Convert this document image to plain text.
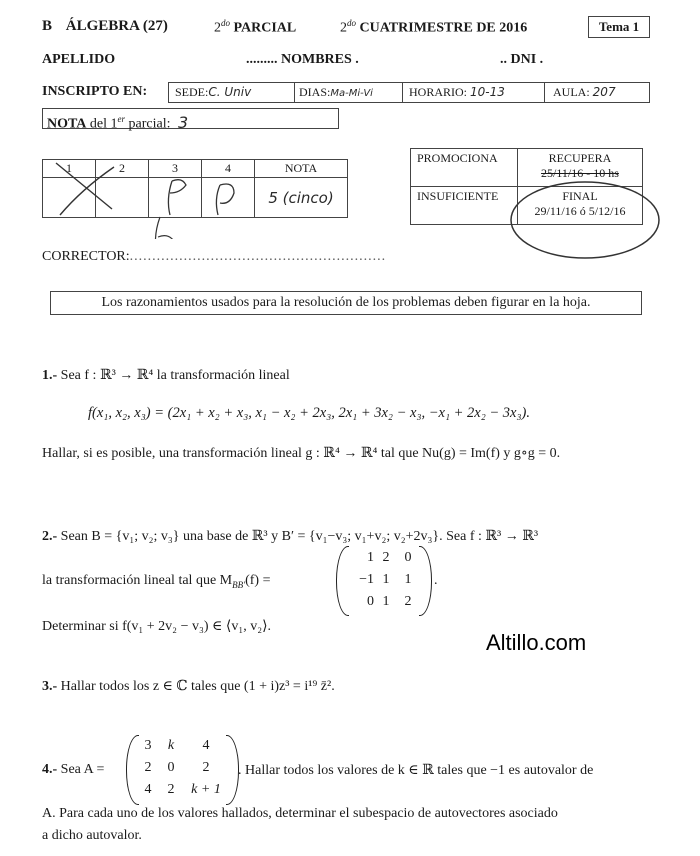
B ÁLGEBRA (27)	$2^{do}$ PARCIAL	$2^{do}$ CUATRIMESTRE DE 2016	Tema 1
APELLIDO	......... NOMBRES .	.. DNI .
INSCRIPTO EN:	SEDE:C. Univ	DIAS:Ma-Mi-Vi	HORARIO: 10-13	AULA: 207
NOTA del 1er parcial: 3
1	2	3	4	NOTA
				5 (cinco)
PROMOCIONA	RECUPERA
25/11/16 - 10 hs

INSUFICIENTE	FINAL
29/11/16 ó 5/12/16
CORRECTOR:.........................................................
Los razonamientos usados para la resolución de los problemas deben figurar en la hoja.
1.- Sea f : ℝ³ → ℝ⁴ la transformación lineal
f(x₁, x₂, x₃) = (2x₁ + x₂ + x₃, x₁ − x₂ + 2x₃, 2x₁ + 3x₂ − x₃, −x₁ + 2x₂ − 3x₃).
Hallar, si es posible, una transformación lineal g : ℝ⁴ → ℝ⁴ tal que Nu(g) = Im(f) y g∘g = 0.
2.- Sean B = {v₁; v₂; v₃} una base de ℝ³ y B′ = {v₁−v₃; v₁+v₂; v₂+2v₃}. Sea f : ℝ³ → ℝ³
la transformación lineal tal que $M_{BB'}(f)$ =
1 2	0
−1 1	1
0 1	2
.
Determinar si f(v₁ + 2v₂ − v₃) ∈ ⟨v₁, v₂⟩.
Altillo.com
3.- Hallar todos los z ∈ ℂ tales que (1 + i)z³ = i¹⁹ z̄².
4.- Sea A =
3	k	4
2	0	2
4	2	k + 1
. Hallar todos los valores de k ∈ ℝ tales que −1 es autovalor de
A. Para cada uno de los valores hallados, determinar el subespacio de autovectores asociado
a dicho autovalor.
